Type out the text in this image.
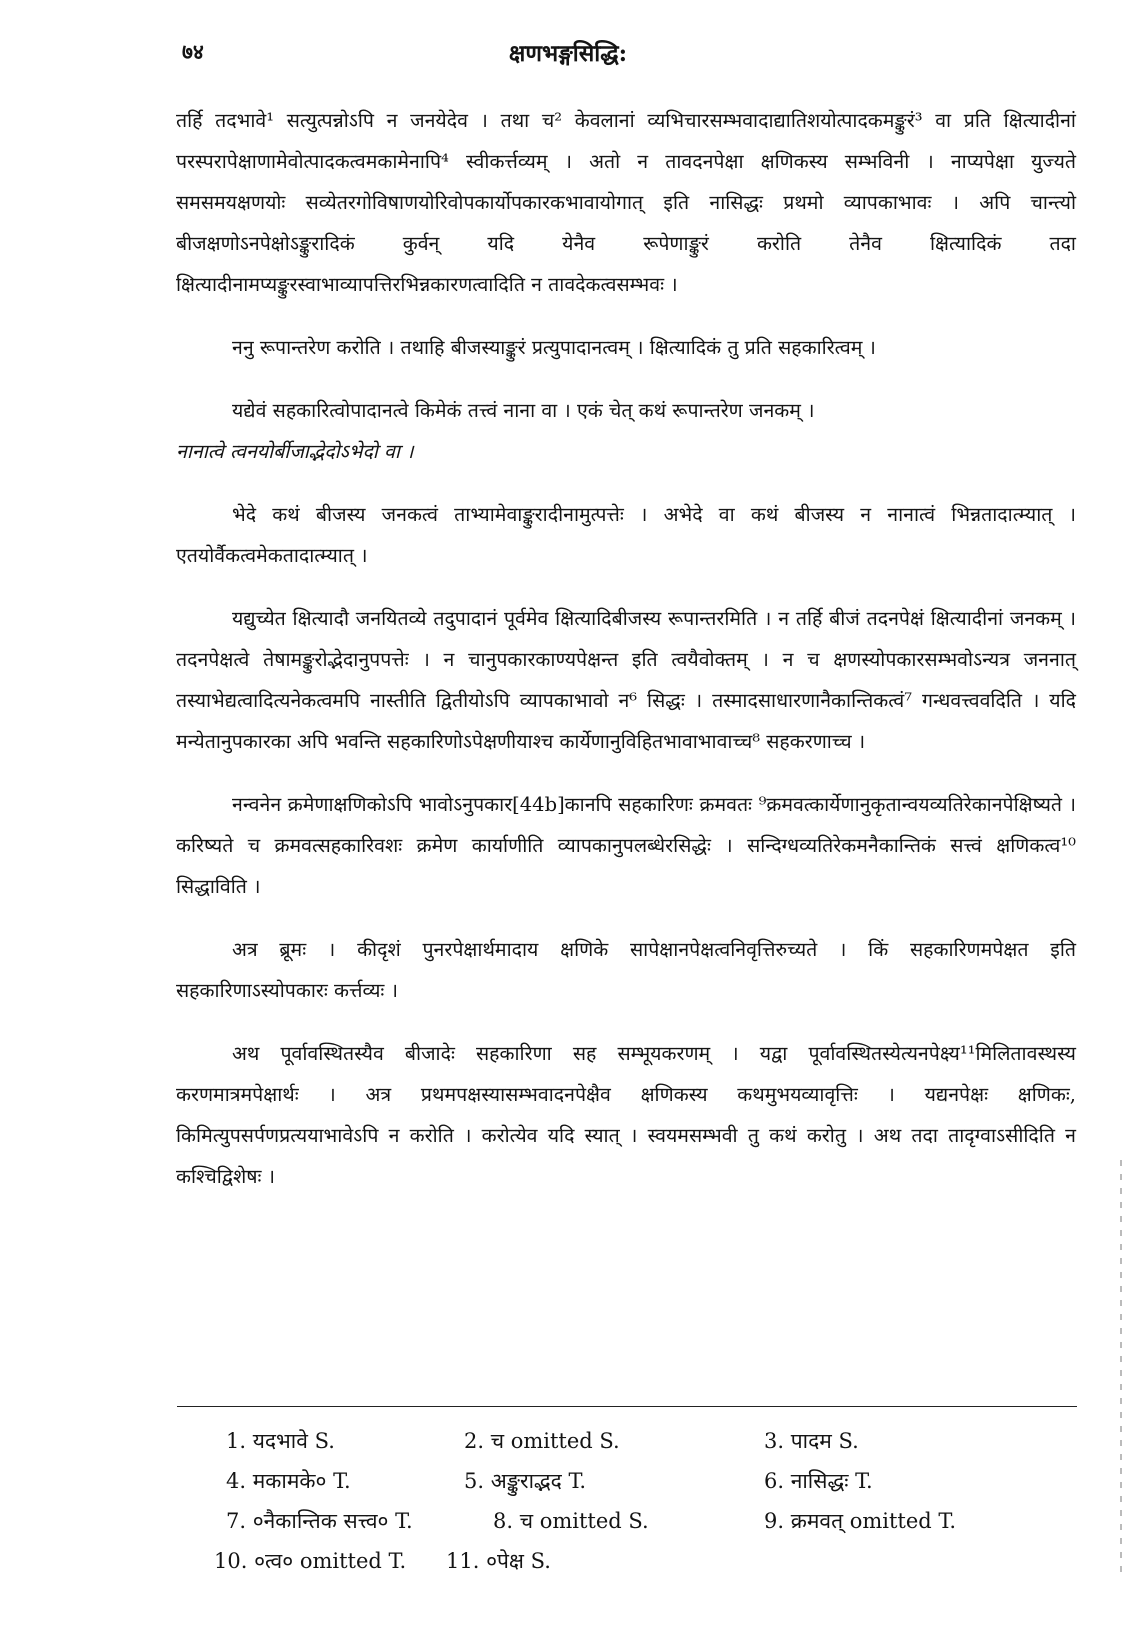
७४	क्षणभङ्गसिद्धि:

तर्हि तदभावे¹ सत्युत्पन्नोऽपि न जनयेदेव । तथा च² केवलानां व्यभिचारसम्भवादाद्यातिशयोत्पादकमङ्कुरं³ वा प्रति क्षित्यादीनां परस्परापेक्षाणामेवोत्पादकत्वमकामेनापि⁴ स्वीकर्त्तव्यम् । अतो न तावदनपेक्षा क्षणिकस्य सम्भविनी । नाप्यपेक्षा युज्यते समसमयक्षणयोः सव्येतरगोविषाणयोरिवोपकार्योपकारकभावायोगात् इति नासिद्धः प्रथमो व्यापकाभावः । अपि चान्त्यो बीजक्षणोऽनपेक्षोऽङ्कुरादिकं कुर्वन् यदि येनैव रूपेणाङ्कुरं करोति तेनैव क्षित्यादिकं तदा क्षित्यादीनामप्यङ्कुरस्वाभाव्यापत्तिरभिन्नकारणत्वादिति न तावदेकत्वसम्भवः ।

ननु रूपान्तरेण करोति । तथाहि बीजस्याङ्कुरं प्रत्युपादानत्वम् । क्षित्यादिकं तु प्रति सहकारित्वम् ।

यद्येवं सहकारित्वोपादानत्वे किमेकं तत्त्वं नाना वा । एकं चेत् कथं रूपान्तरेण जनकम् ।

नानात्वे त्वनयोर्बीजाद्भेदोऽभेदो वा ।

भेदे कथं बीजस्य जनकत्वं ताभ्यामेवाङ्कुरादीनामुत्पत्तेः । अभेदे वा कथं बीजस्य न नानात्वं भिन्नतादात्म्यात् । एतयोर्वैकत्वमेकतादात्म्यात् ।

यद्युच्येत क्षित्यादौ जनयितव्ये तदुपादानं पूर्वमेव क्षित्यादिबीजस्य रूपान्तरमिति । न तर्हि बीजं तदनपेक्षं क्षित्यादीनां जनकम् । तदनपेक्षत्वे तेषामङ्कुरोद्भेदानुपपत्तेः । न चानुपकारकाण्यपेक्षन्त इति त्वयैवोक्तम् । न च क्षणस्योपकारसम्भवोऽन्यत्र जननात् तस्याभेद्यत्वादित्यनेकत्वमपि नास्तीति द्वितीयोऽपि व्यापकाभावो न⁶ सिद्धः । तस्मादसाधारणानैकान्तिकत्वं⁷ गन्धवत्त्ववदिति । यदि मन्येतानुपकारका अपि भवन्ति सहकारिणोऽपेक्षणीयाश्च कार्येणानुविहितभावाभावाच्च⁸ सहकरणाच्च ।

नन्वनेन क्रमेणाक्षणिकोऽपि भावोऽनुपकार[44b]कानपि सहकारिणः क्रमवतः ⁹क्रमवत्कार्येणानुकृतान्वयव्यतिरेकानपेक्षिष्यते । करिष्यते च क्रमवत्सहकारिवशः क्रमेण कार्याणीति व्यापकानुपलब्धेरसिद्धेः । सन्दिग्धव्यतिरेकमनैकान्तिकं सत्त्वं क्षणिकत्व¹⁰ सिद्धाविति ।

अत्र ब्रूमः । कीदृशं पुनरपेक्षार्थमादाय क्षणिके सापेक्षानपेक्षत्वनिवृत्तिरुच्यते । किं सहकारिणमपेक्षत इति सहकारिणाऽस्योपकारः कर्त्तव्यः ।

अथ पूर्वावस्थितस्यैव बीजादेः सहकारिणा सह सम्भूयकरणम् । यद्वा पूर्वावस्थितस्येत्यनपेक्ष्य¹¹मिलितावस्थस्य करणमात्रमपेक्षार्थः । अत्र प्रथमपक्षस्यासम्भवादनपेक्षैव क्षणिकस्य कथमुभयव्यावृत्तिः । यद्यनपेक्षः क्षणिकः, किमित्युपसर्पणप्रत्ययाभावेऽपि न करोति । करोत्येव यदि स्यात् । स्वयमसम्भवी तु कथं करोतु । अथ तदा तादृग्वाऽसीदिति न कश्चिद्विशेषः ।

1. यदभावे S.	2. च omitted S.	3. पादम S.
4. मकामके० T.	5. अङ्कुराद्भद T.	6. नासिद्धः T.
7. ०नैकान्तिक सत्त्व० T.	8. च omitted S.	9. क्रमवत् omitted T.
10. ०त्व० omitted T. 11. ०पेक्ष S.
